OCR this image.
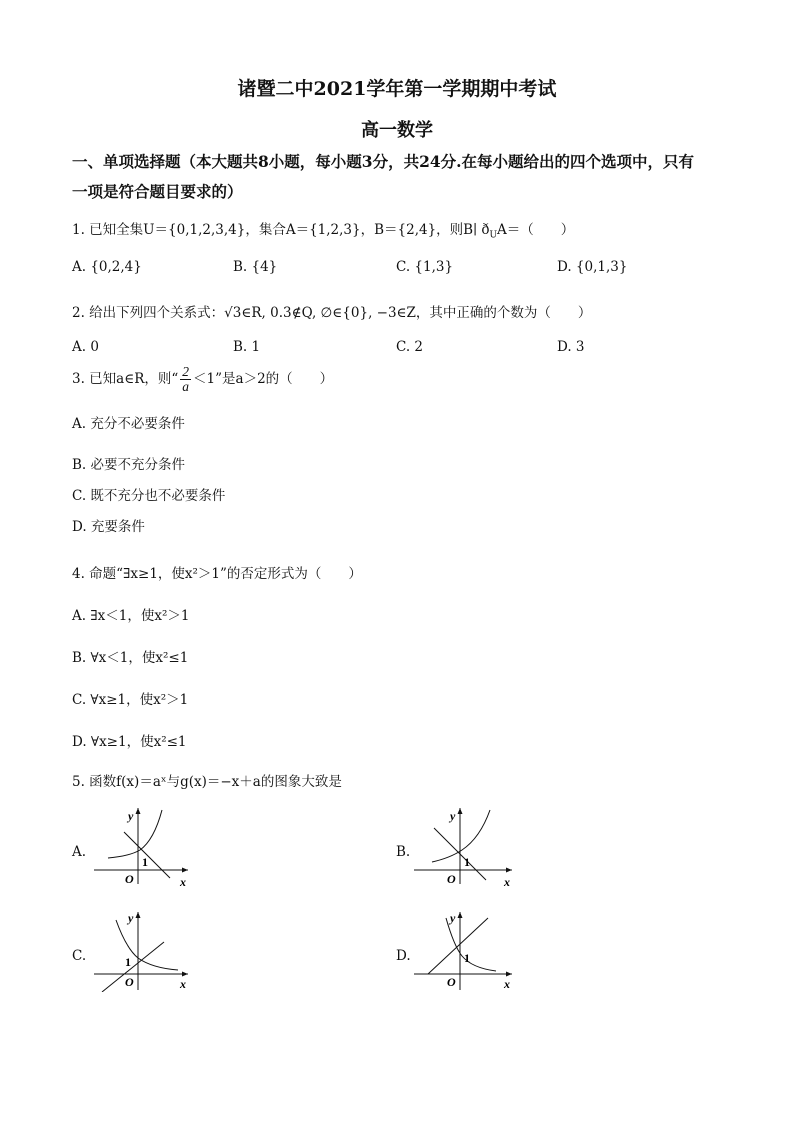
诸暨二中2021学年第一学期期中考试
高一数学
一、单项选择题（本大题共8小题，每小题3分，共24分.在每小题给出的四个选项中，只有
一项是符合题目要求的）
1. 已知全集U＝{0,1,2,3,4}，集合A＝{1,2,3}，B＝{2,4}，则B∣ $ð_UA=$（　　）
A. {0,2,4}	B. {4}	C. {1,3}	D. {0,1,3}
2. 给出下列四个关系式：√3∈R, 0.3∉Q, ∅∈{0}, −3∈Z，其中正确的个数为（　　）
A. 0	B. 1	C. 2	D. 3
3. 已知a∈R，则“ $\frac{2}{a} <1$”是a＞2的（　　）
A. 充分不必要条件
B. 必要不充分条件
C. 既不充分也不必要条件
D. 充要条件
4. 命题“∃x≥1，使x²＞1”的否定形式为（　　）
A. ∃x＜1，使x²＞1
B. ∀x＜1，使x²≤1
C. ∀x≥1，使x²＞1
D. ∀x≥1，使x²≤1
5. 函数f(x)＝aˣ与g(x)＝−x＋a的图象大致是
A.
y
x
O
1
B.
y
x
O
1
C.
y
x
O
1	D.
y
x
O
1
